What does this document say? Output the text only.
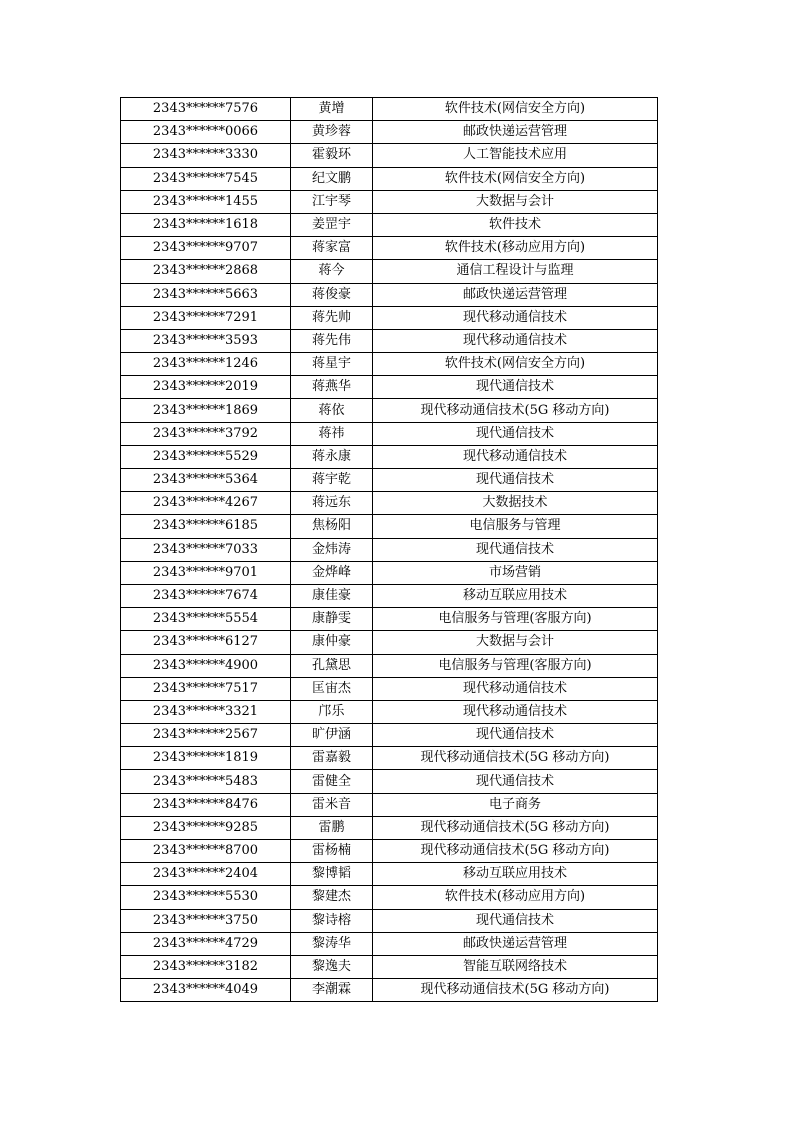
2343******7576	黄增	软件技术(网信安全方向)
2343******0066	黄珍蓉	邮政快递运营管理
2343******3330	霍毅环	人工智能技术应用
2343******7545	纪文鹏	软件技术(网信安全方向)
2343******1455	江宇琴	大数据与会计
2343******1618	姜罡宇	软件技术
2343******9707	蒋家富	软件技术(移动应用方向)
2343******2868	蒋今	通信工程设计与监理
2343******5663	蒋俊豪	邮政快递运营管理
2343******7291	蒋先帅	现代移动通信技术
2343******3593	蒋先伟	现代移动通信技术
2343******1246	蒋星宇	软件技术(网信安全方向)
2343******2019	蒋燕华	现代通信技术
2343******1869	蒋依	现代移动通信技术(5G 移动方向)
2343******3792	蒋祎	现代通信技术
2343******5529	蒋永康	现代移动通信技术
2343******5364	蒋宇乾	现代通信技术
2343******4267	蒋远东	大数据技术
2343******6185	焦杨阳	电信服务与管理
2343******7033	金炜涛	现代通信技术
2343******9701	金烨峰	市场营销
2343******7674	康佳豪	移动互联应用技术
2343******5554	康静雯	电信服务与管理(客服方向)
2343******6127	康仲豪	大数据与会计
2343******4900	孔黛思	电信服务与管理(客服方向)
2343******7517	匡宙杰	现代移动通信技术
2343******3321	邝乐	现代移动通信技术
2343******2567	旷伊涵	现代通信技术
2343******1819	雷嘉毅	现代移动通信技术(5G 移动方向)
2343******5483	雷健全	现代通信技术
2343******8476	雷米音	电子商务
2343******9285	雷鹏	现代移动通信技术(5G 移动方向)
2343******8700	雷杨楠	现代移动通信技术(5G 移动方向)
2343******2404	黎博韬	移动互联应用技术
2343******5530	黎建杰	软件技术(移动应用方向)
2343******3750	黎诗榕	现代通信技术
2343******4729	黎涛华	邮政快递运营管理
2343******3182	黎逸夫	智能互联网络技术
2343******4049	李潮霖	现代移动通信技术(5G 移动方向)
